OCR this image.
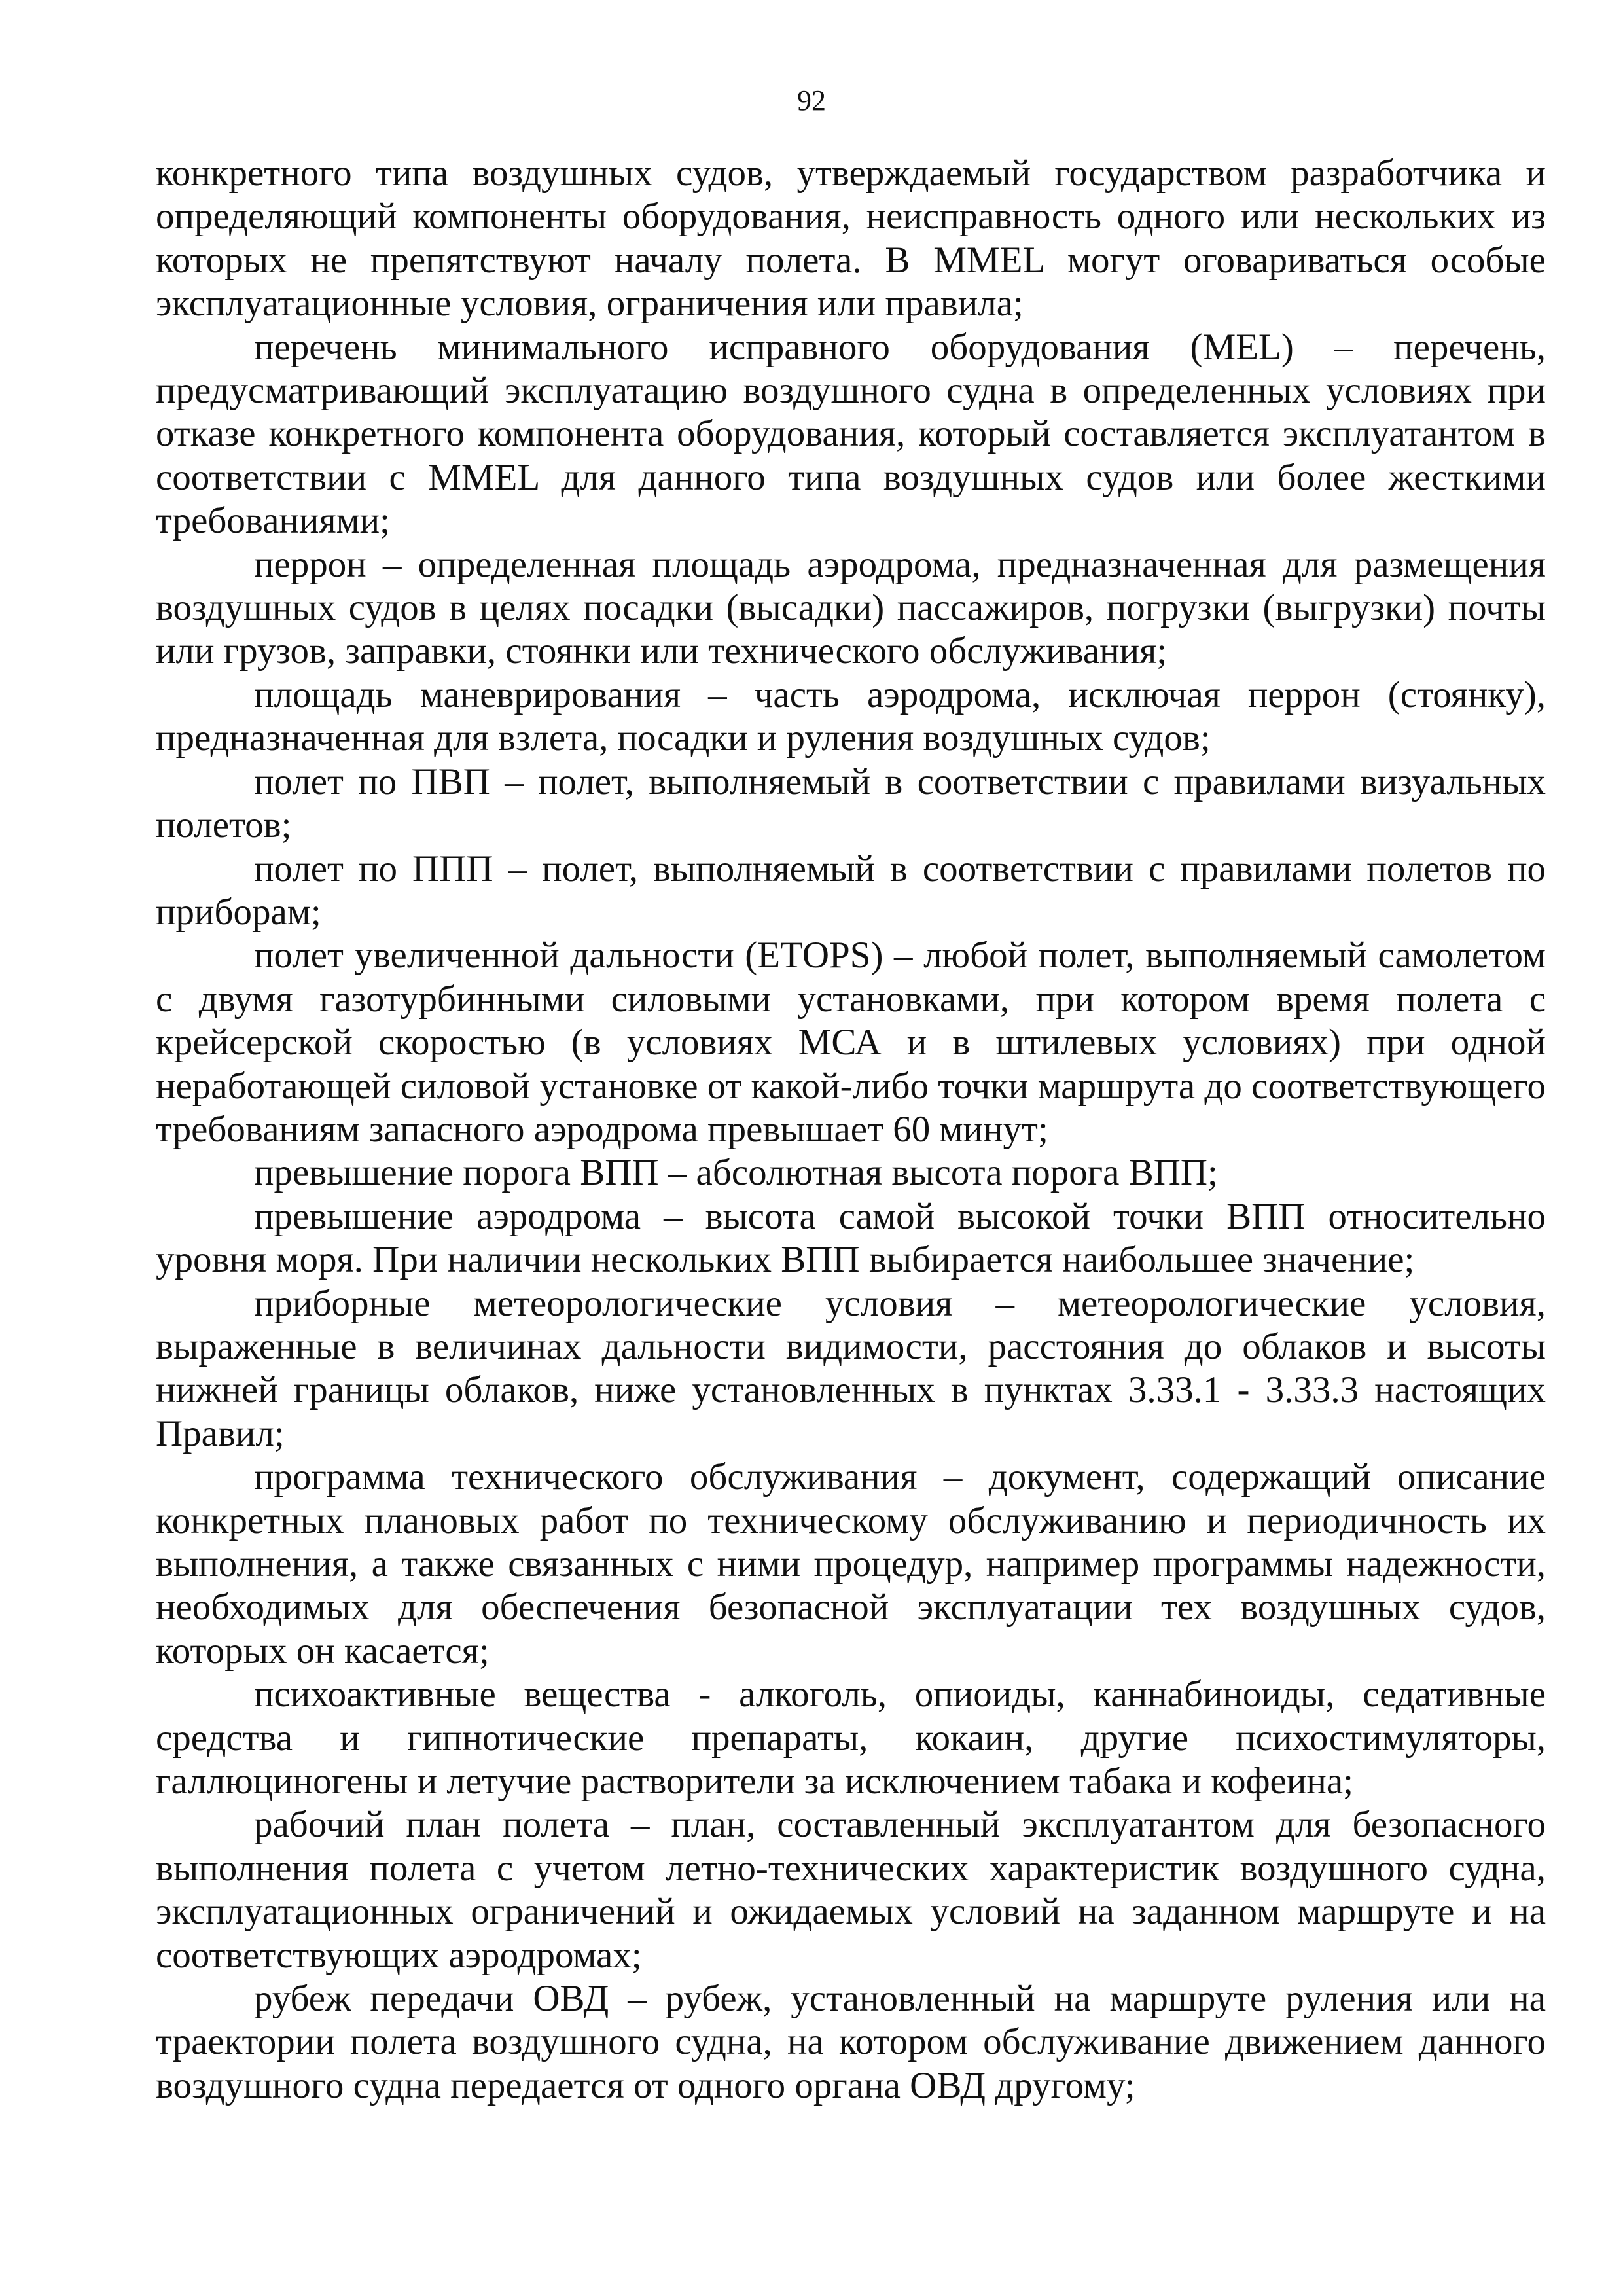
92

конкретного типа воздушных судов, утверждаемый государством разработчика и определяющий компоненты оборудования, неисправность одного или нескольких из которых не препятствуют началу полета. В MMEL могут оговариваться особые эксплуатационные условия, ограничения или правила;

перечень минимального исправного оборудования (MEL) – перечень, предусматривающий эксплуатацию воздушного судна в определенных условиях при отказе конкретного компонента оборудования, который составляется эксплуатантом в соответствии с MMEL для данного типа воздушных судов или более жесткими требованиями;

перрон – определенная площадь аэродрома, предназначенная для размещения воздушных судов в целях посадки (высадки) пассажиров, погрузки (выгрузки) почты или грузов, заправки, стоянки или технического обслуживания;

площадь маневрирования – часть аэродрома, исключая перрон (стоянку), предназначенная для взлета, посадки и руления воздушных судов;

полет по ПВП – полет, выполняемый в соответствии с правилами визуальных полетов;

полет по ППП – полет, выполняемый в соответствии с правилами полетов по приборам;

полет увеличенной дальности (ETOPS) – любой полет, выполняемый самолетом с двумя газотурбинными силовыми установками, при котором время полета с крейсерской скоростью (в условиях МСА и в штилевых условиях) при одной неработающей силовой установке от какой-либо точки маршрута до соответствующего требованиям запасного аэродрома превышает 60 минут;

превышение порога ВПП – абсолютная высота порога ВПП;

превышение аэродрома – высота самой высокой точки ВПП относительно уровня моря. При наличии нескольких ВПП выбирается наибольшее значение;

приборные метеорологические условия – метеорологические условия, выраженные в величинах дальности видимости, расстояния до облаков и высоты нижней границы облаков, ниже установленных в пунктах 3.33.1 - 3.33.3 настоящих Правил;

программа технического обслуживания – документ, содержащий описание конкретных плановых работ по техническому обслуживанию и периодичность их выполнения, а также связанных с ними процедур, например программы надежности, необходимых для обеспечения безопасной эксплуатации тех воздушных судов, которых он касается;

психоактивные вещества - алкоголь, опиоиды, каннабиноиды, седативные средства и гипнотические препараты, кокаин, другие психостимуляторы, галлюциногены и летучие растворители за исключением табака и кофеина;

рабочий план полета – план, составленный эксплуатантом для безопасного выполнения полета с учетом летно-технических характеристик воздушного судна, эксплуатационных ограничений и ожидаемых условий на заданном маршруте и на соответствующих аэродромах;

рубеж передачи ОВД – рубеж, установленный на маршруте руления или на траектории полета воздушного судна, на котором обслуживание движением данного воздушного судна передается от одного органа ОВД другому;
